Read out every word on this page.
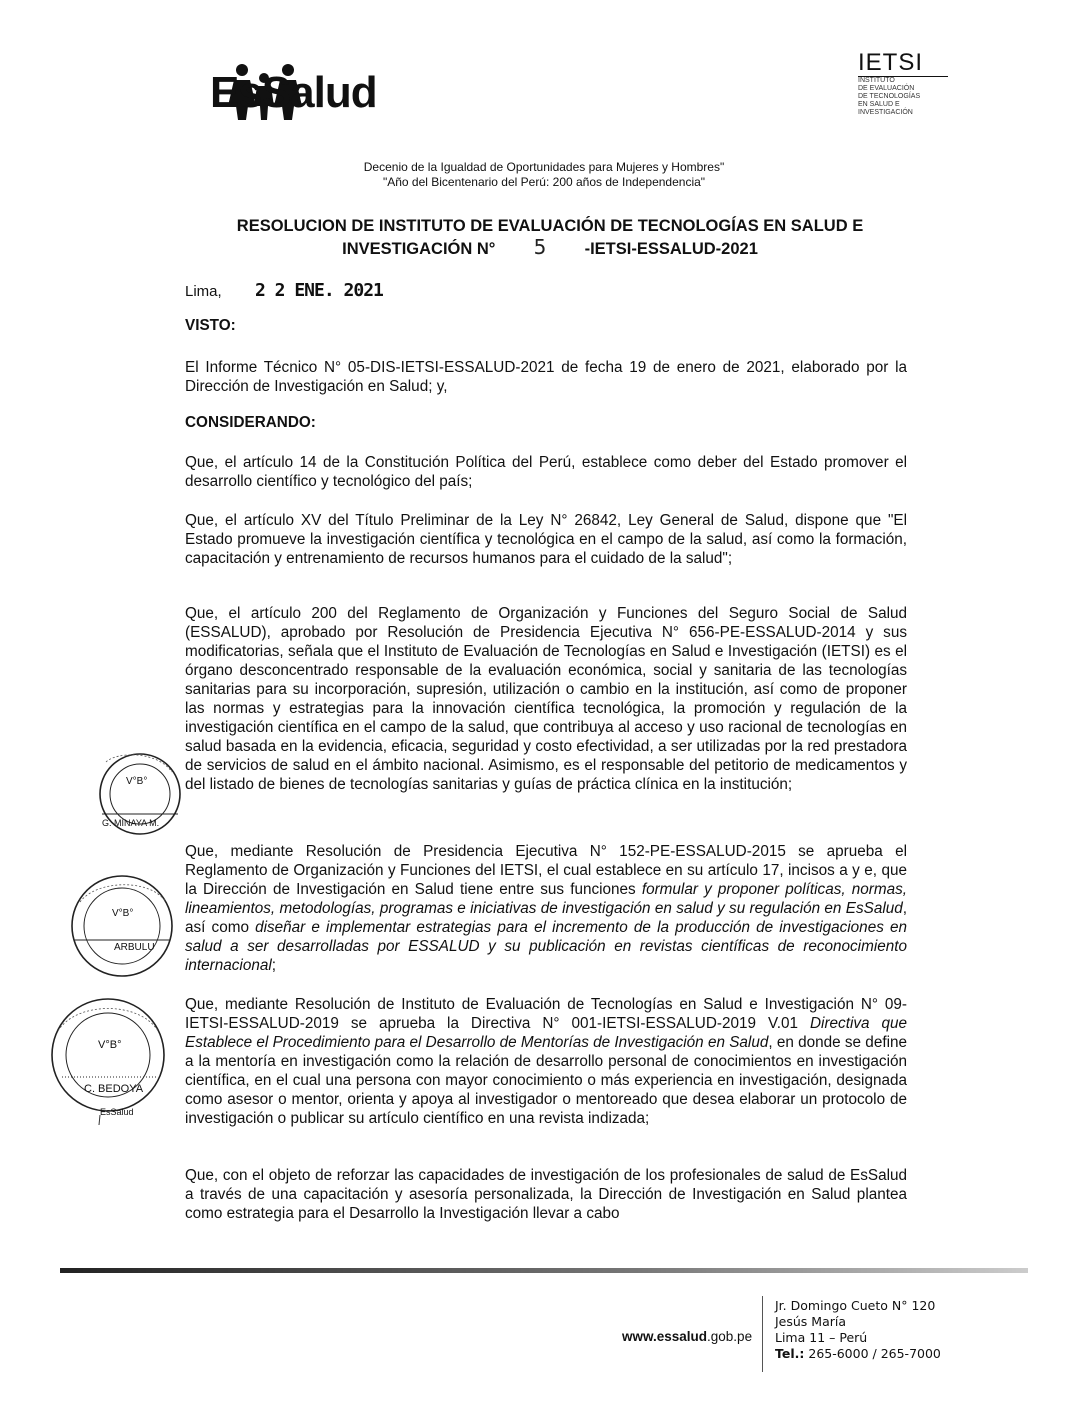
EsSalud
IETSI
INSTITUTO
DE EVALUACIÓN
DE TECNOLOGÍAS
EN SALUD E
INVESTIGACIÓN
Decenio de la Igualdad de Oportunidades para Mujeres y Hombres"
"Año del Bicentenario del Perú: 200 años de Independencia"
RESOLUCION DE INSTITUTO DE EVALUACIÓN DE TECNOLOGÍAS EN SALUD E
INVESTIGACIÓN N° 5 -IETSI-ESSALUD-2021
Lima, 2 2 ENE. 2021
VISTO:
El Informe Técnico N° 05-DIS-IETSI-ESSALUD-2021 de fecha 19 de enero de 2021, elaborado por la Dirección de Investigación en Salud; y,
CONSIDERANDO:
Que, el artículo 14 de la Constitución Política del Perú, establece como deber del Estado promover el desarrollo científico y tecnológico del país;
Que, el artículo XV del Título Preliminar de la Ley N° 26842, Ley General de Salud, dispone que "El Estado promueve la investigación científica y tecnológica en el campo de la salud, así como la formación, capacitación y entrenamiento de recursos humanos para el cuidado de la salud";
Que, el artículo 200 del Reglamento de Organización y Funciones del Seguro Social de Salud (ESSALUD), aprobado por Resolución de Presidencia Ejecutiva N° 656-PE-ESSALUD-2014 y sus modificatorias, señala que el Instituto de Evaluación de Tecnologías en Salud e Investigación (IETSI) es el órgano desconcentrado responsable de la evaluación económica, social y sanitaria de las tecnologías sanitarias para su incorporación, supresión, utilización o cambio en la institución, así como de proponer las normas y estrategias para la innovación científica tecnológica, la promoción y regulación de la investigación científica en el campo de la salud, que contribuya al acceso y uso racional de tecnologías en salud basada en la evidencia, eficacia, seguridad y costo efectividad, a ser utilizadas por la red prestadora de servicios de salud en el ámbito nacional. Asimismo, es el responsable del petitorio de medicamentos y del listado de bienes de tecnologías sanitarias y guías de práctica clínica en la institución;
Que, mediante Resolución de Presidencia Ejecutiva N° 152-PE-ESSALUD-2015 se aprueba el Reglamento de Organización y Funciones del IETSI, el cual establece en su artículo 17, incisos a y e, que la Dirección de Investigación en Salud tiene entre sus funciones formular y proponer políticas, normas, lineamientos, metodologías, programas e iniciativas de investigación en salud y su regulación en EsSalud, así como diseñar e implementar estrategias para el incremento de la producción de investigaciones en salud a ser desarrolladas por ESSALUD y su publicación en revistas científicas de reconocimiento internacional;
Que, mediante Resolución de Instituto de Evaluación de Tecnologías en Salud e Investigación N° 09-IETSI-ESSALUD-2019 se aprueba la Directiva N° 001-IETSI-ESSALUD-2019 V.01 Directiva que Establece el Procedimiento para el Desarrollo de Mentorías de Investigación en Salud, en donde se define a la mentoría en investigación como la relación de desarrollo personal de conocimientos en investigación científica, en el cual una persona con mayor conocimiento o más experiencia en investigación, designada como asesor o mentor, orienta y apoya al investigador o mentoreado que desea elaborar un protocolo de investigación o publicar su artículo científico en una revista indizada;
Que, con el objeto de reforzar las capacidades de investigación de los profesionales de salud de EsSalud a través de una capacitación y asesoría personalizada, la Dirección de Investigación en Salud plantea como estrategia para el Desarrollo la Investigación llevar a cabo
V°B°
G. MINAYA M.
V°B°
ARBULU
V°B°
C. BEDOYA
EsSalud
www.essalud.gob.pe
Jr. Domingo Cueto N° 120
Jesús María
Lima 11 – Perú
Tel.: 265-6000 / 265-7000
